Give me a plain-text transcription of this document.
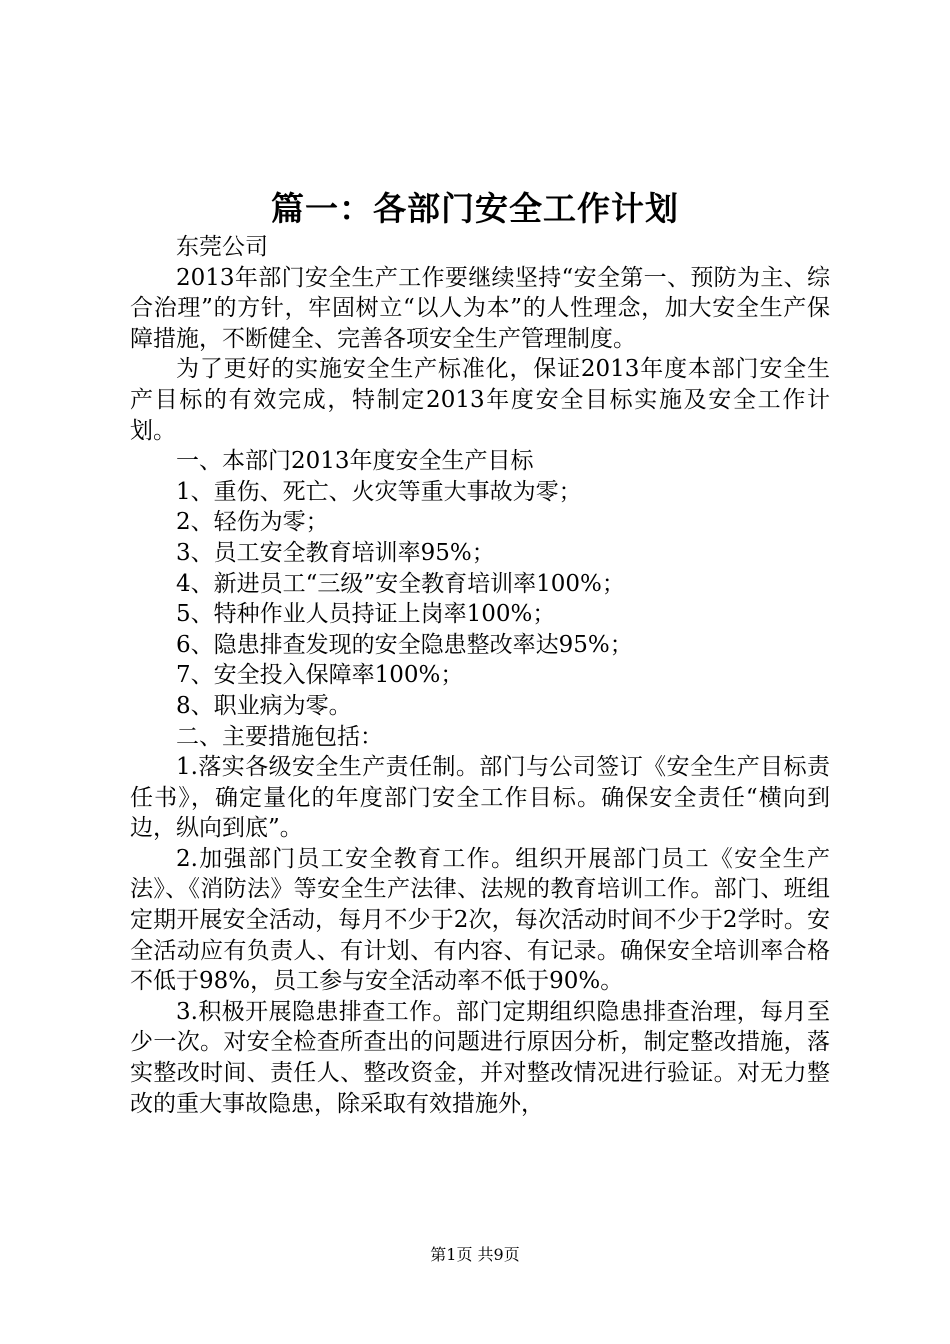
篇一：各部门安全工作计划

东莞公司

2013年部门安全生产工作要继续坚持“安全第一、预防为主、综合治理”的方针，牢固树立“以人为本”的人性理念，加大安全生产保障措施，不断健全、完善各项安全生产管理制度。

为了更好的实施安全生产标准化，保证2013年度本部门安全生产目标的有效完成，特制定2013年度安全目标实施及安全工作计划。

一、本部门2013年度安全生产目标

1、重伤、死亡、火灾等重大事故为零；

2、轻伤为零；

3、员工安全教育培训率95%；

4、新进员工“三级”安全教育培训率100%；

5、特种作业人员持证上岗率100%；

6、隐患排查发现的安全隐患整改率达95%；

7、安全投入保障率100%；

8、职业病为零。

二、主要措施包括：

1.落实各级安全生产责任制。部门与公司签订《安全生产目标责任书》，确定量化的年度部门安全工作目标。确保安全责任“横向到边，纵向到底”。

2.加强部门员工安全教育工作。组织开展部门员工《安全生产法》、《消防法》等安全生产法律、法规的教育培训工作。部门、班组定期开展安全活动，每月不少于2次，每次活动时间不少于2学时。安全活动应有负责人、有计划、有内容、有记录。确保安全培训率合格不低于98%，员工参与安全活动率不低于90%。

3.积极开展隐患排查工作。部门定期组织隐患排查治理，每月至少一次。对安全检查所查出的问题进行原因分析，制定整改措施，落实整改时间、责任人、整改资金，并对整改情况进行验证。对无力整改的重大事故隐患，除采取有效措施外，

第1页 共9页
